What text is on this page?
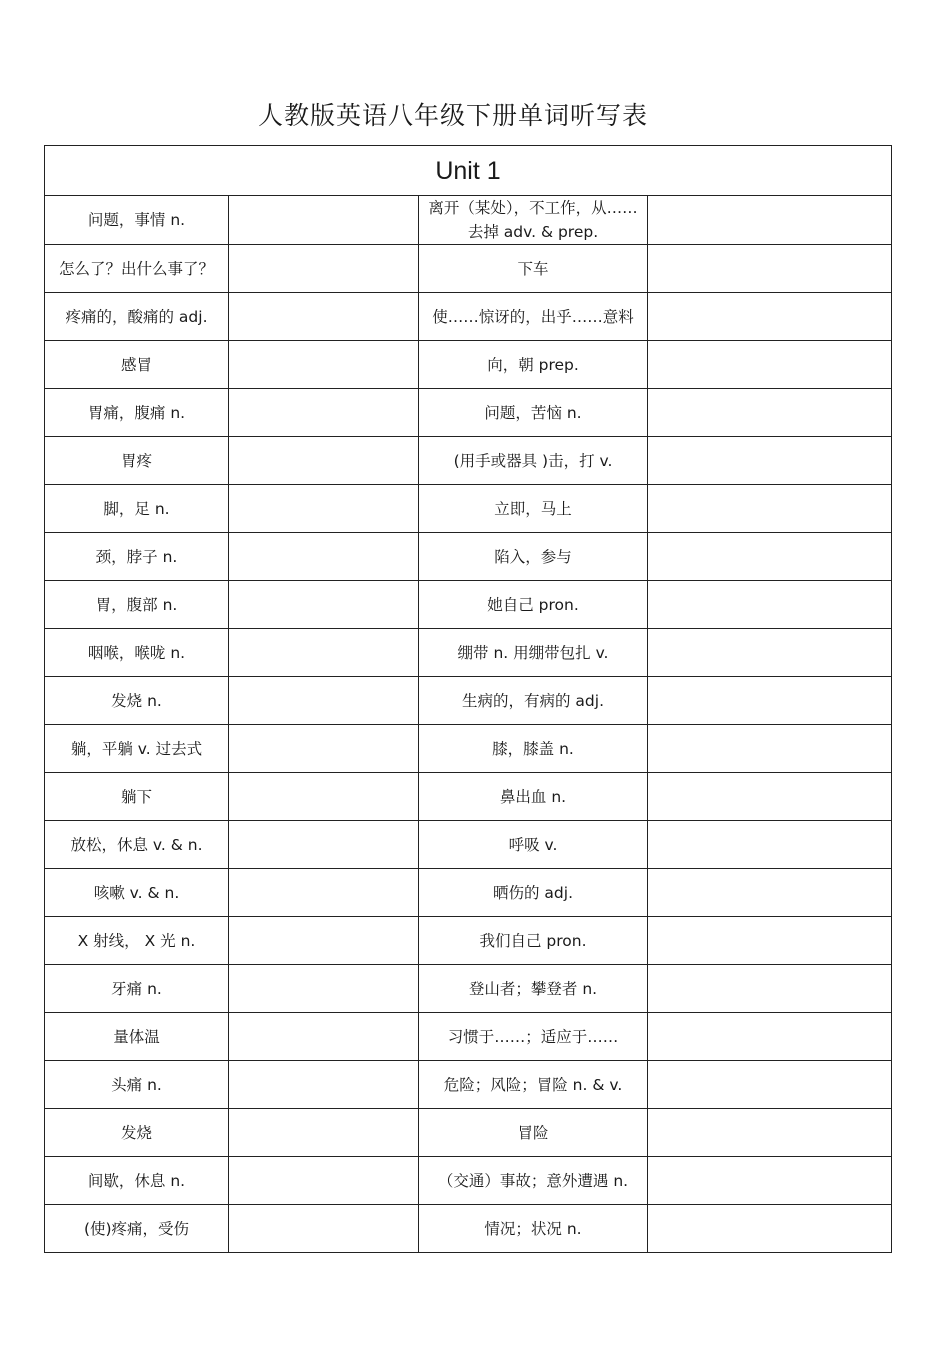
人教版英语八年级下册单词听写表
Unit 1			
问题，事情 n.		离开（某处），不工作，从……去掉 adv. & prep.	
怎么了？出什么事了？		下车	
疼痛的，酸痛的 adj.		使……惊讶的，出乎……意料	
感冒		向，朝 prep.	
胃痛，腹痛 n.		问题，苦恼 n.	
胃疼		(用手或器具 )击，打 v.	
脚，足 n.		立即，马上	
颈，脖子 n.		陷入，参与	
胃，腹部 n.		她自己 pron.	
咽喉，喉咙 n.		绷带 n. 用绷带包扎 v.	
发烧 n.		生病的，有病的 adj.	
躺，平躺 v. 过去式		膝，膝盖 n.	
躺下		鼻出血 n.	
放松，休息 v. & n.		呼吸 v.	
咳嗽 v. & n.		晒伤的 adj.	
X 射线， X 光 n.		我们自己 pron.	
牙痛 n.		登山者；攀登者 n.	
量体温		习惯于……；适应于……	
头痛 n.		危险；风险；冒险 n. & v.	
发烧		冒险	
间歇，休息 n.		（交通）事故；意外遭遇 n.	
(使)疼痛，受伤		情况；状况 n.	
